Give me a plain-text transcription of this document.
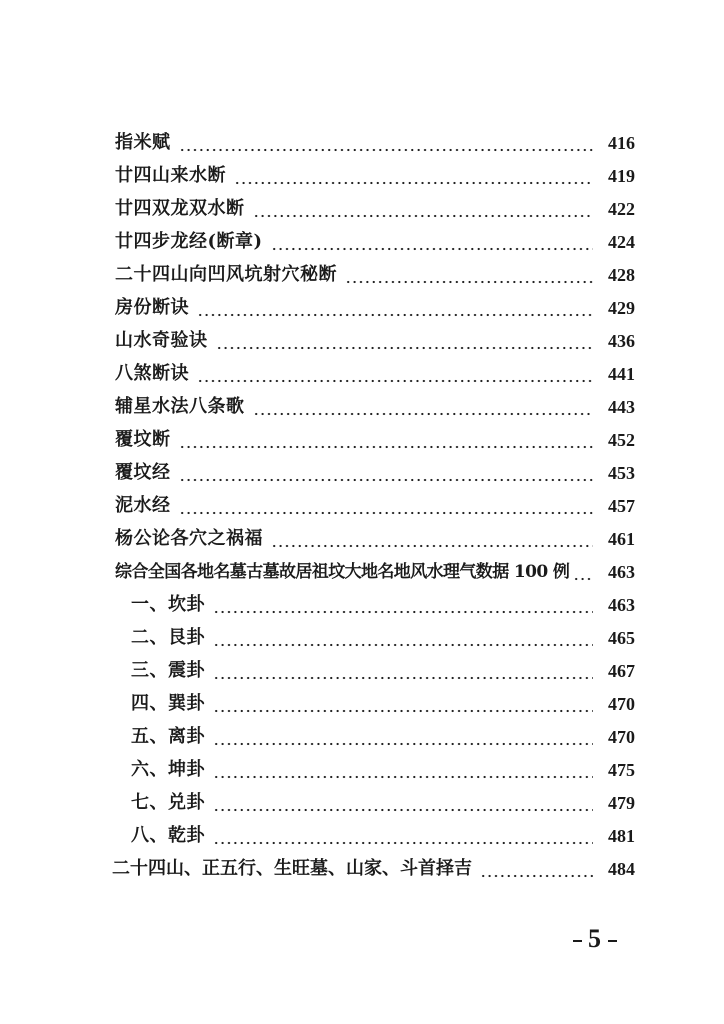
指米赋	416
廿四山来水断	419
廿四双龙双水断	422
廿四步龙经(断章)	424
二十四山向凹风坑射穴秘断	428
房份断诀	429
山水奇验诀	436
八煞断诀	441
辅星水法八条歌	443
覆坟断	452
覆坟经	453
泥水经	457
杨公论各穴之祸福	461
综合全国各地名墓古墓故居祖坟大地名地风水理气数据 100 例	463
一、坎卦	463
二、艮卦	465
三、震卦	467
四、巽卦	470
五、离卦	470
六、坤卦	475
七、兑卦	479
八、乾卦	481
二十四山、正五行、生旺墓、山家、斗首择吉	484
5
